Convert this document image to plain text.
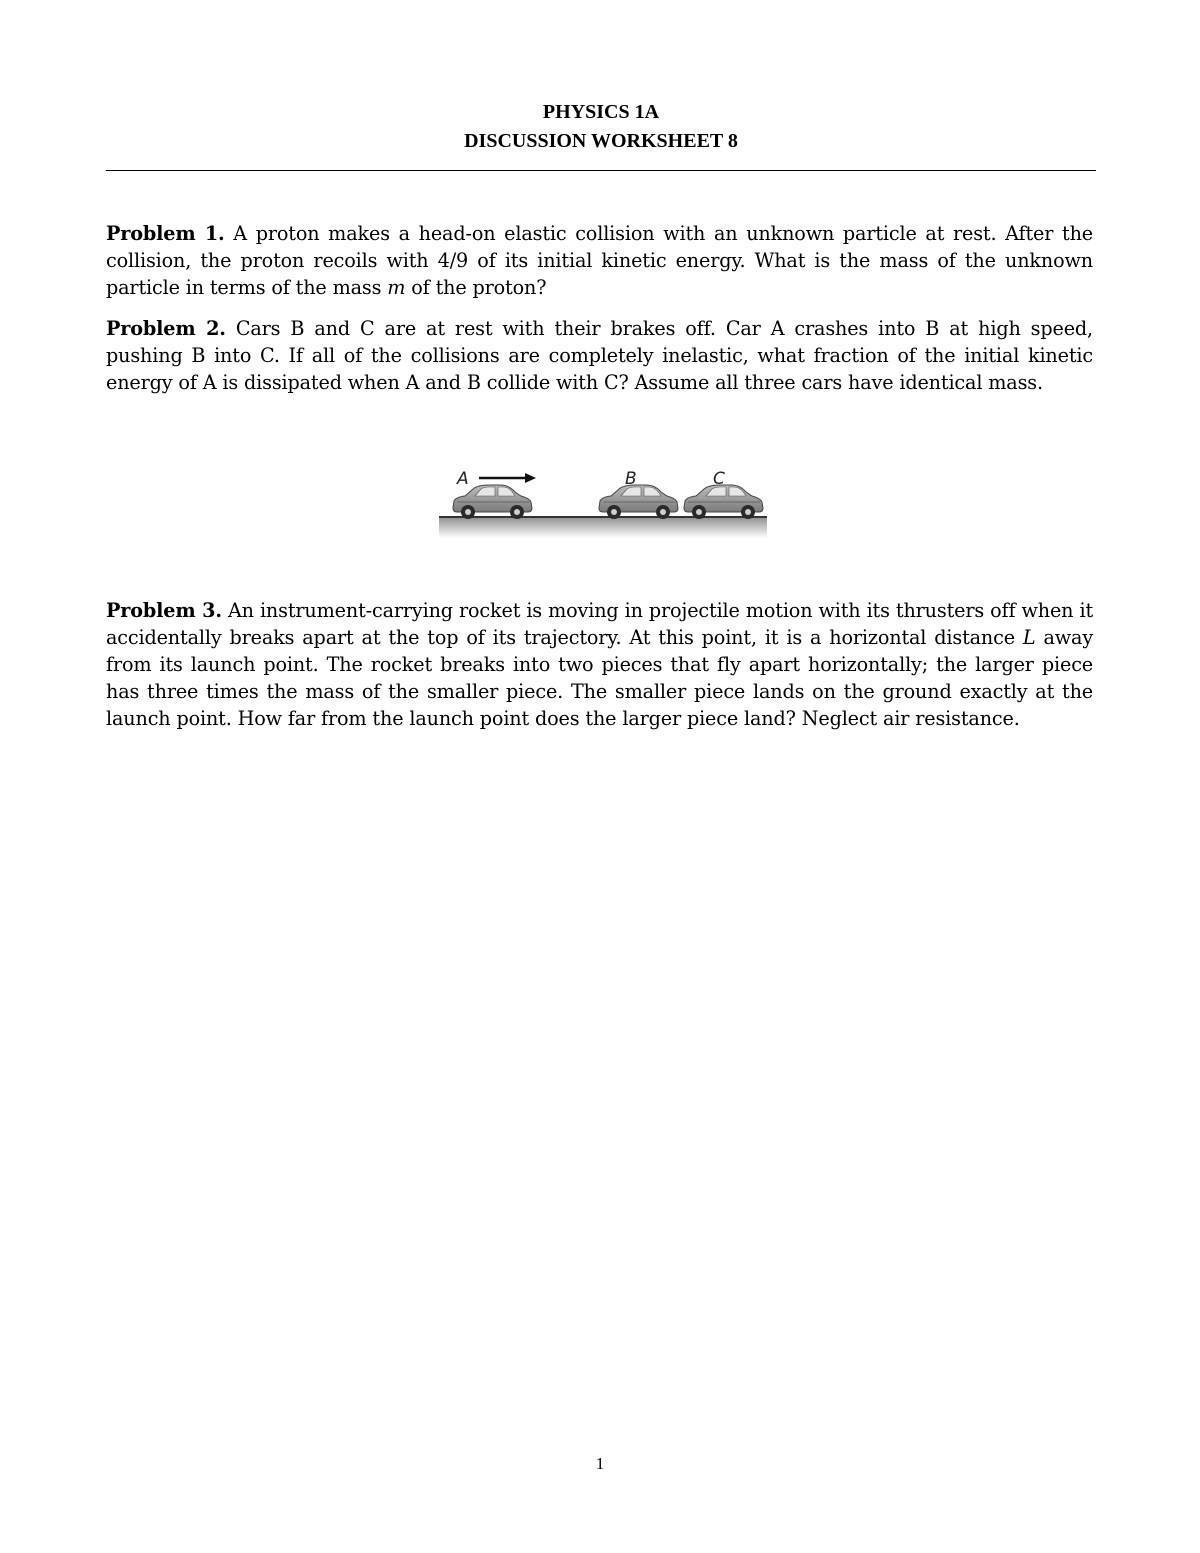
PHYSICS 1A
DISCUSSION WORKSHEET 8
Problem 1. A proton makes a head-on elastic collision with an unknown particle at rest. After the collision, the proton recoils with 4/9 of its initial kinetic energy. What is the mass of the unknown particle in terms of the mass m of the proton?
Problem 2. Cars B and C are at rest with their brakes off. Car A crashes into B at high speed, pushing B into C. If all of the collisions are completely inelastic, what fraction of the initial kinetic energy of A is dissipated when A and B collide with C? Assume all three cars have identical mass.
A	B	C
Problem 3. An instrument-carrying rocket is moving in projectile motion with its thrusters off when it accidentally breaks apart at the top of its trajectory. At this point, it is a horizontal distance L away from its launch point. The rocket breaks into two pieces that fly apart horizontally; the larger piece has three times the mass of the smaller piece. The smaller piece lands on the ground exactly at the launch point. How far from the launch point does the larger piece land? Neglect air resistance.
1
